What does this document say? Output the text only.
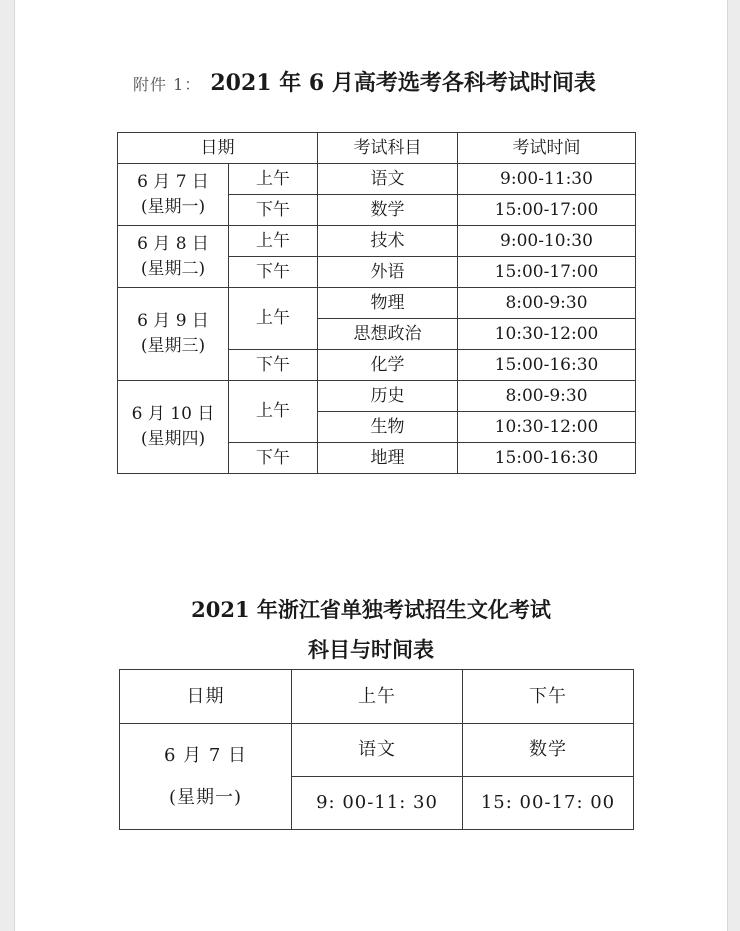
附件 1： 2021 年 6 月高考选考各科考试时间表
日期		考试科目	考试时间

6 月 7 日
(星期一)	上午	语文	9:00-11:30
	下午	数学	15:00-17:00

6 月 8 日
(星期二)	上午	技术	9:00-10:30
	下午	外语	15:00-17:00

6 月 9 日
(星期三)	上午	物理	8:00-9:30
		思想政治	10:30-12:00
	下午	化学	15:00-16:30

6 月 10 日
(星期四)	上午	历史	8:00-9:30
		生物	10:30-12:00
	下午	地理	15:00-16:30
2021 年浙江省单独考试招生文化考试
科目与时间表
日期	上午	下午

6 月 7 日
(星期一)	语文	数学
	9: 00-11: 30	15: 00-17: 00
